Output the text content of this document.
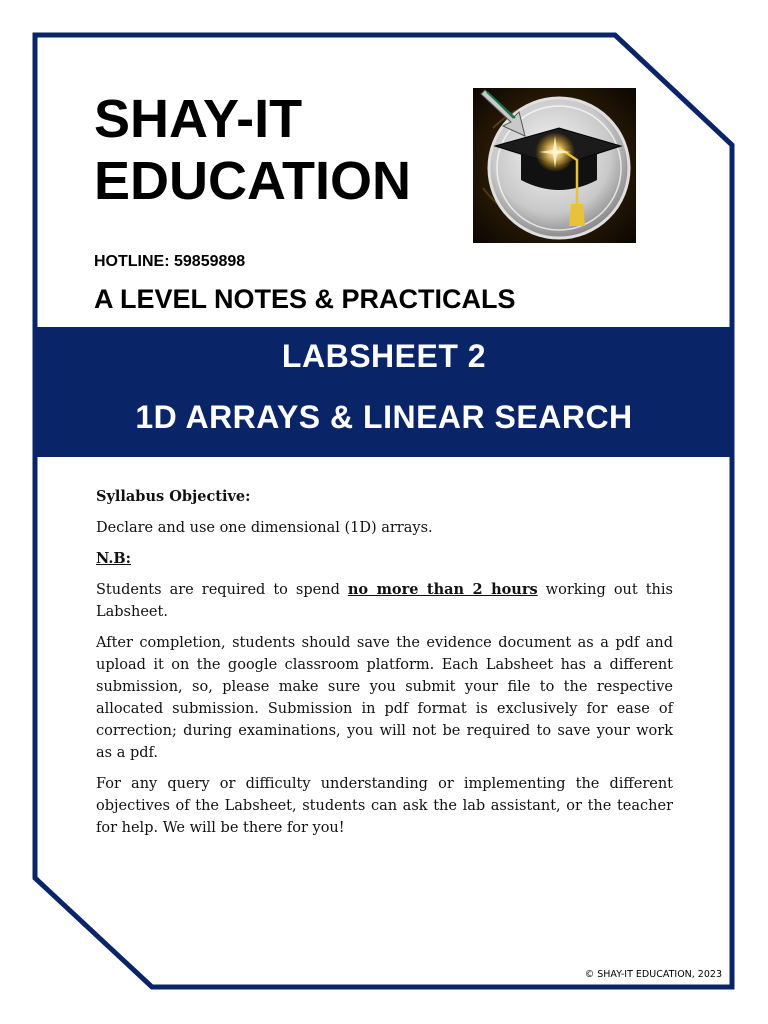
SHAY-IT
EDUCATION
HOTLINE: 59859898
A LEVEL NOTES & PRACTICALS
LABSHEET 2
1D ARRAYS & LINEAR SEARCH

Syllabus Objective:

Declare and use one dimensional (1D) arrays.

N.B:

Students are required to spend no more than 2 hours working out this Labsheet.

After completion, students should save the evidence document as a pdf and upload it on the google classroom platform. Each Labsheet has a different submission, so, please make sure you submit your file to the respective allocated submission. Submission in pdf format is exclusively for ease of correction; during examinations, you will not be required to save your work as a pdf.

For any query or difficulty understanding or implementing the different objectives of the Labsheet, students can ask the lab assistant, or the teacher for help. We will be there for you!

© SHAY-IT EDUCATION, 2023
